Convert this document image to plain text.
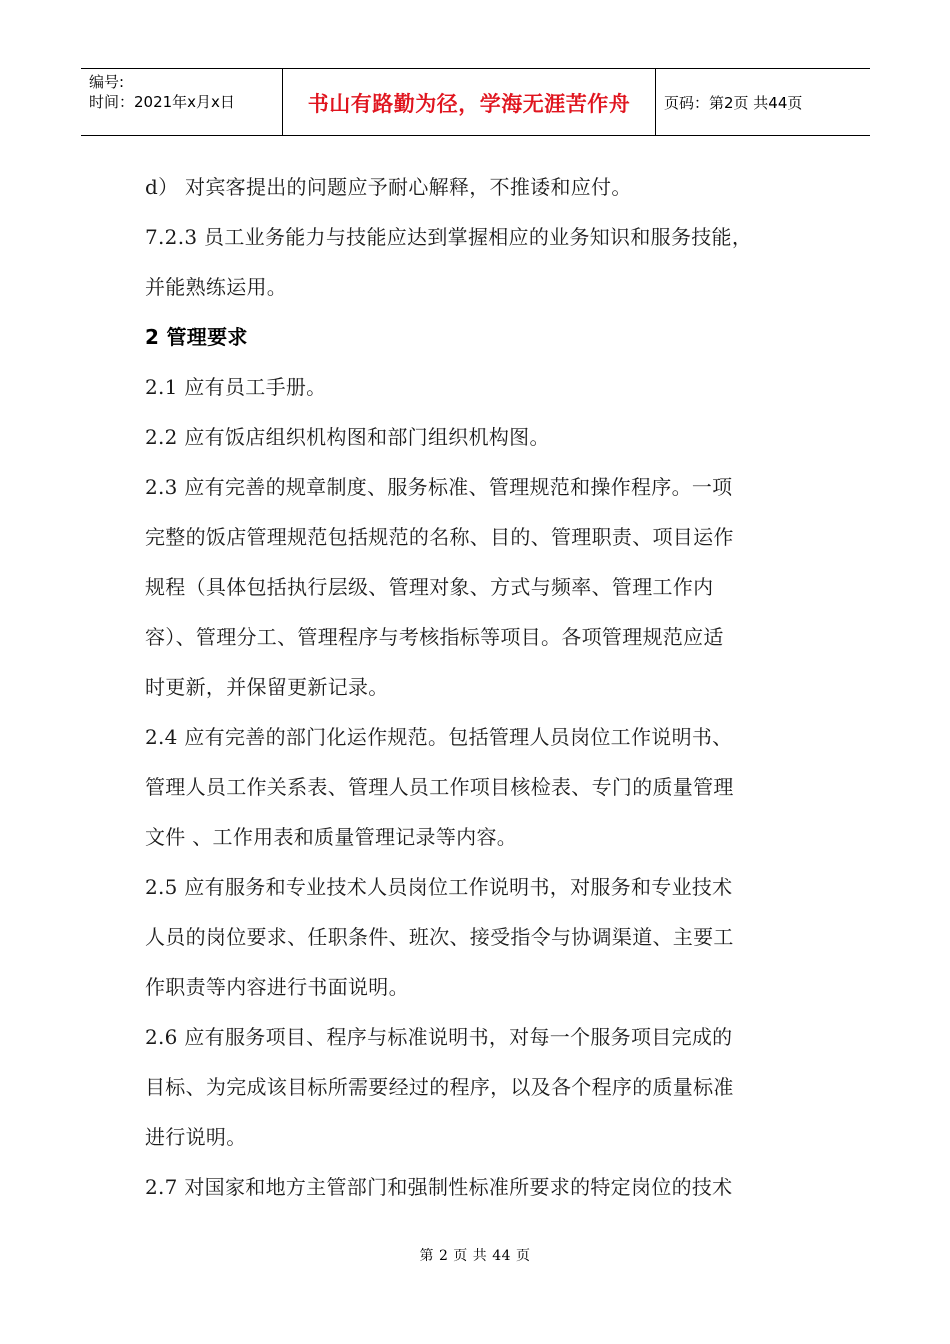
编号:
时间：2021年x月x日	书山有路勤为径，学海无涯苦作舟 页码：第2页 共44页
d） 对宾客提出的问题应予耐心解释，不推诿和应付。
7.2.3 员工业务能力与技能应达到掌握相应的业务知识和服务技能，
并能熟练运用。
2 管理要求
2.1 应有员工手册。
2.2 应有饭店组织机构图和部门组织机构图。
2.3 应有完善的规章制度、服务标准、管理规范和操作程序。一项
完整的饭店管理规范包括规范的名称、目的、管理职责、项目运作
规程（具体包括执行层级、管理对象、方式与频率、管理工作内
容）、管理分工、管理程序与考核指标等项目。各项管理规范应适
时更新，并保留更新记录。
2.4 应有完善的部门化运作规范。包括管理人员岗位工作说明书、
管理人员工作关系表、管理人员工作项目核检表、专门的质量管理
文件 、工作用表和质量管理记录等内容。
2.5 应有服务和专业技术人员岗位工作说明书，对服务和专业技术
人员的岗位要求、任职条件、班次、接受指令与协调渠道、主要工
作职责等内容进行书面说明。
2.6 应有服务项目、程序与标准说明书，对每一个服务项目完成的
目标、为完成该目标所需要经过的程序，以及各个程序的质量标准
进行说明。
2.7 对国家和地方主管部门和强制性标准所要求的特定岗位的技术
第 2 页 共 44 页
